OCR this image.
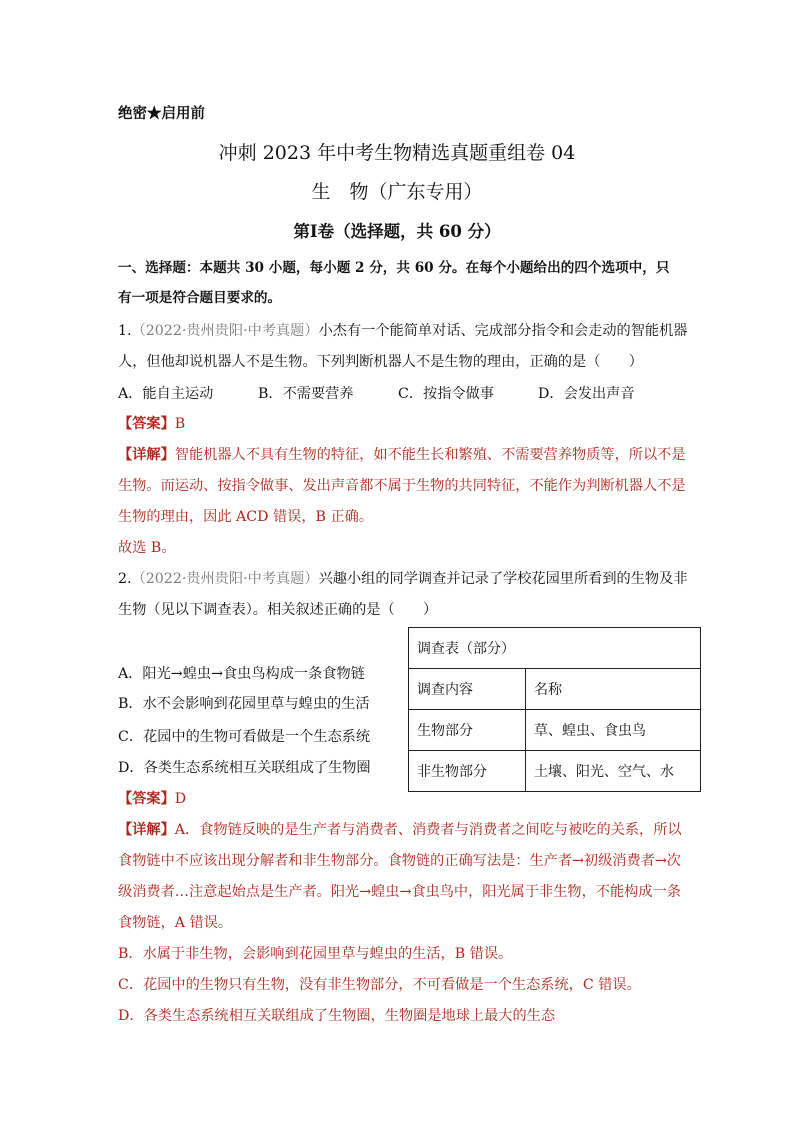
绝密★启用前
冲刺 2023 年中考生物精选真题重组卷 04
生　物（广东专用）
第Ⅰ卷（选择题，共 60 分）
一、选择题：本题共 30 小题，每小题 2 分，共 60 分。在每个小题给出的四个选项中，只
有一项是符合题目要求的。
1.（2022·贵州贵阳·中考真题）小杰有一个能简单对话、完成部分指令和会走动的智能机器
人，但他却说机器人不是生物。下列判断机器人不是生物的理由，正确的是（　　）
A．能自主运动	B．不需要营养	C．按指令做事	D．会发出声音
【答案】B
【详解】智能机器人不具有生物的特征，如不能生长和繁殖、不需要营养物质等，所以不是
生物。而运动、按指令做事、发出声音都不属于生物的共同特征，不能作为判断机器人不是
生物的理由，因此 ACD 错误，B 正确。
故选 B。
2.（2022·贵州贵阳·中考真题）兴趣小组的同学调查并记录了学校花园里所看到的生物及非
生物（见以下调查表）。相关叙述正确的是（　　）
A．阳光→蝗虫→食虫鸟构成一条食物链
B．水不会影响到花园里草与蝗虫的生活
C．花园中的生物可看做是一个生态系统
D．各类生态系统相互关联组成了生物圈
调查表（部分）	
调查内容	名称
生物部分	草、蝗虫、食虫鸟
非生物部分	土壤、阳光、空气、水
【答案】D
【详解】A．食物链反映的是生产者与消费者、消费者与消费者之间吃与被吃的关系，所以
食物链中不应该出现分解者和非生物部分。食物链的正确写法是：生产者→初级消费者→次
级消费者…注意起始点是生产者。阳光→蝗虫→食虫鸟中，阳光属于非生物，不能构成一条
食物链，A 错误。
B．水属于非生物，会影响到花园里草与蝗虫的生活，B 错误。
C．花园中的生物只有生物，没有非生物部分，不可看做是一个生态系统，C 错误。
D．各类生态系统相互关联组成了生物圈，生物圈是地球上最大的生态
